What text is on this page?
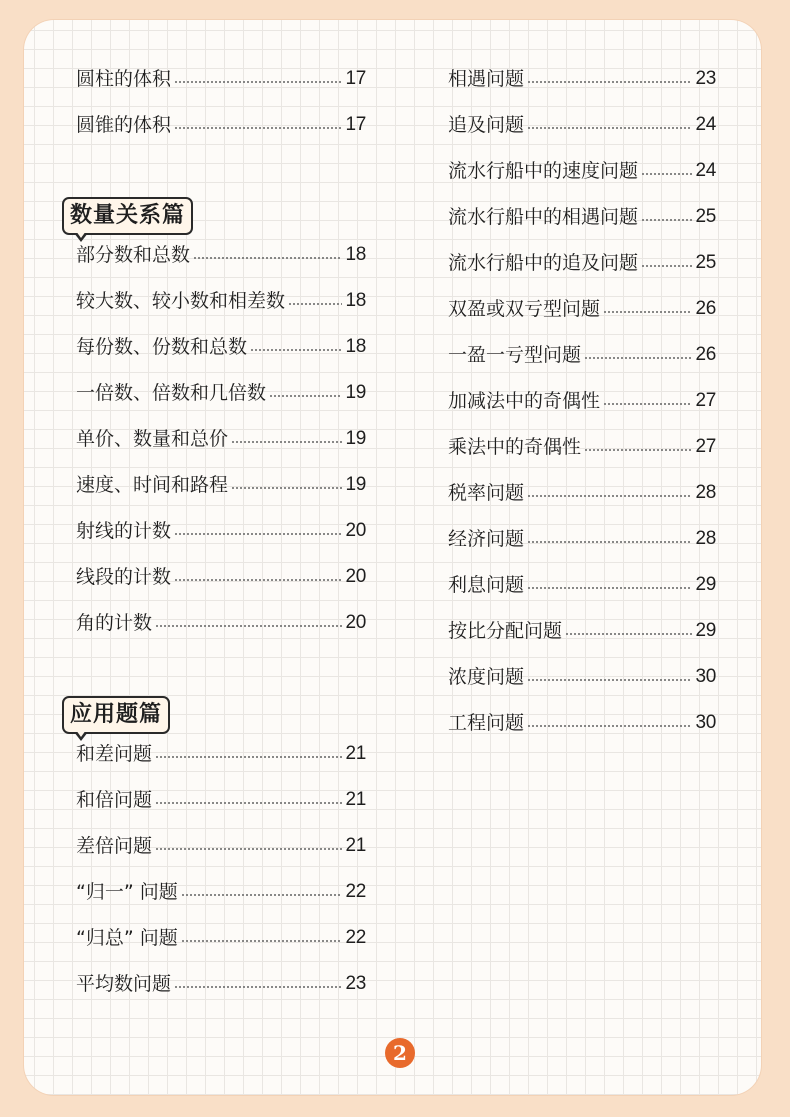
圆柱的体积	17
圆锥的体积	17
数量关系篇
部分数和总数	18
较大数、较小数和相差数	18
每份数、份数和总数	18
一倍数、倍数和几倍数	19
单价、数量和总价	19
速度、时间和路程	19
射线的计数	20
线段的计数	20
角的计数	20
应用题篇
和差问题	21
和倍问题	21
差倍问题	21
“归一” 问题	22
“归总” 问题	22
平均数问题	23
相遇问题	23
追及问题	24
流水行船中的速度问题	24
流水行船中的相遇问题	25
流水行船中的追及问题	25
双盈或双亏型问题	26
一盈一亏型问题	26
加减法中的奇偶性	27
乘法中的奇偶性	27
税率问题	28
经济问题	28
利息问题	29
按比分配问题	29
浓度问题	30
工程问题	30
2
